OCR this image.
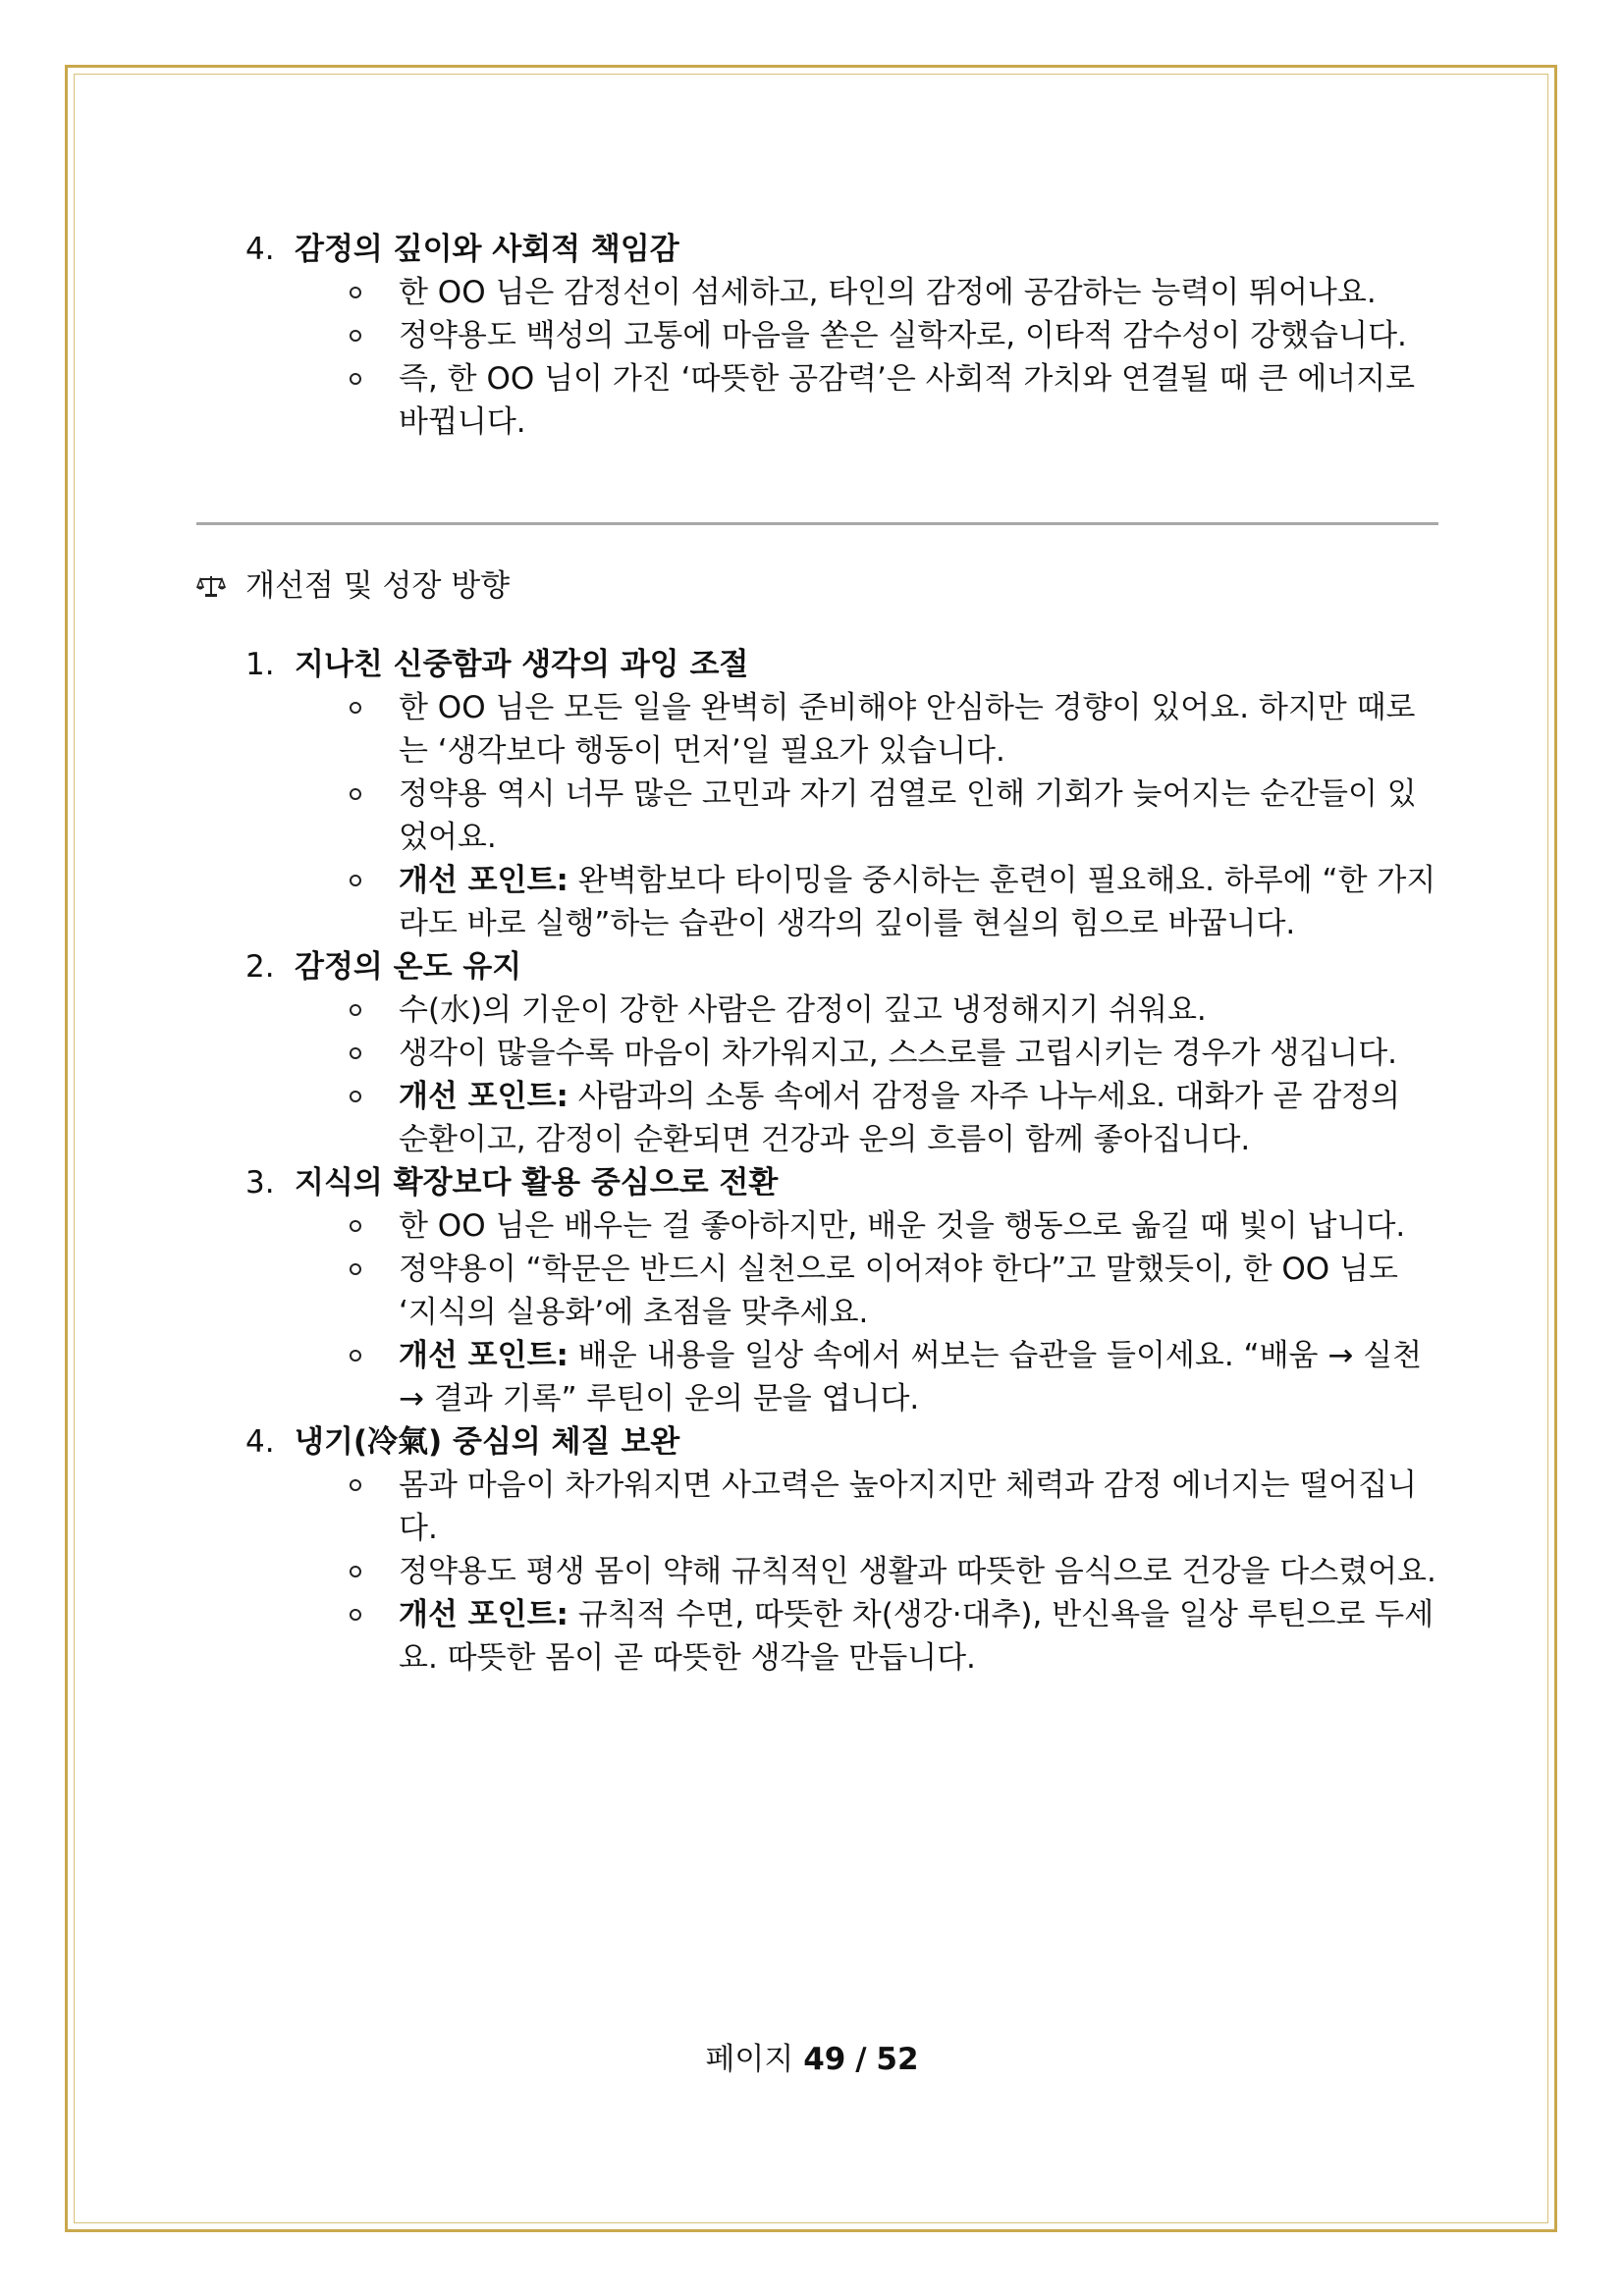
4. 감정의 깊이와 사회적 책임감
한 OO 님은 감정선이 섬세하고, 타인의 감정에 공감하는 능력이 뛰어나요.
정약용도 백성의 고통에 마음을 쏟은 실학자로, 이타적 감수성이 강했습니다.
즉, 한 OO 님이 가진 ‘따뜻한 공감력’은 사회적 가치와 연결될 때 큰 에너지로 바뀝니다.
개선점 및 성장 방향
1. 지나친 신중함과 생각의 과잉 조절
한 OO 님은 모든 일을 완벽히 준비해야 안심하는 경향이 있어요. 하지만 때로는 ‘생각보다 행동이 먼저’일 필요가 있습니다.
정약용 역시 너무 많은 고민과 자기 검열로 인해 기회가 늦어지는 순간들이 있었어요.
개선 포인트: 완벽함보다 타이밍을 중시하는 훈련이 필요해요. 하루에 “한 가지라도 바로 실행”하는 습관이 생각의 깊이를 현실의 힘으로 바꿉니다.
2. 감정의 온도 유지
수(水)의 기운이 강한 사람은 감정이 깊고 냉정해지기 쉬워요.
생각이 많을수록 마음이 차가워지고, 스스로를 고립시키는 경우가 생깁니다.
개선 포인트: 사람과의 소통 속에서 감정을 자주 나누세요. 대화가 곧 감정의 순환이고, 감정이 순환되면 건강과 운의 흐름이 함께 좋아집니다.
3. 지식의 확장보다 활용 중심으로 전환
한 OO 님은 배우는 걸 좋아하지만, 배운 것을 행동으로 옮길 때 빛이 납니다.
정약용이 “학문은 반드시 실천으로 이어져야 한다”고 말했듯이, 한 OO 님도 ‘지식의 실용화’에 초점을 맞추세요.
개선 포인트: 배운 내용을 일상 속에서 써보는 습관을 들이세요. “배움 → 실천 → 결과 기록” 루틴이 운의 문을 엽니다.
4. 냉기(冷氣) 중심의 체질 보완
몸과 마음이 차가워지면 사고력은 높아지지만 체력과 감정 에너지는 떨어집니다.
정약용도 평생 몸이 약해 규칙적인 생활과 따뜻한 음식으로 건강을 다스렸어요.
개선 포인트: 규칙적 수면, 따뜻한 차(생강·대추), 반신욕을 일상 루틴으로 두세요. 따뜻한 몸이 곧 따뜻한 생각을 만듭니다.
페이지 49 / 52
